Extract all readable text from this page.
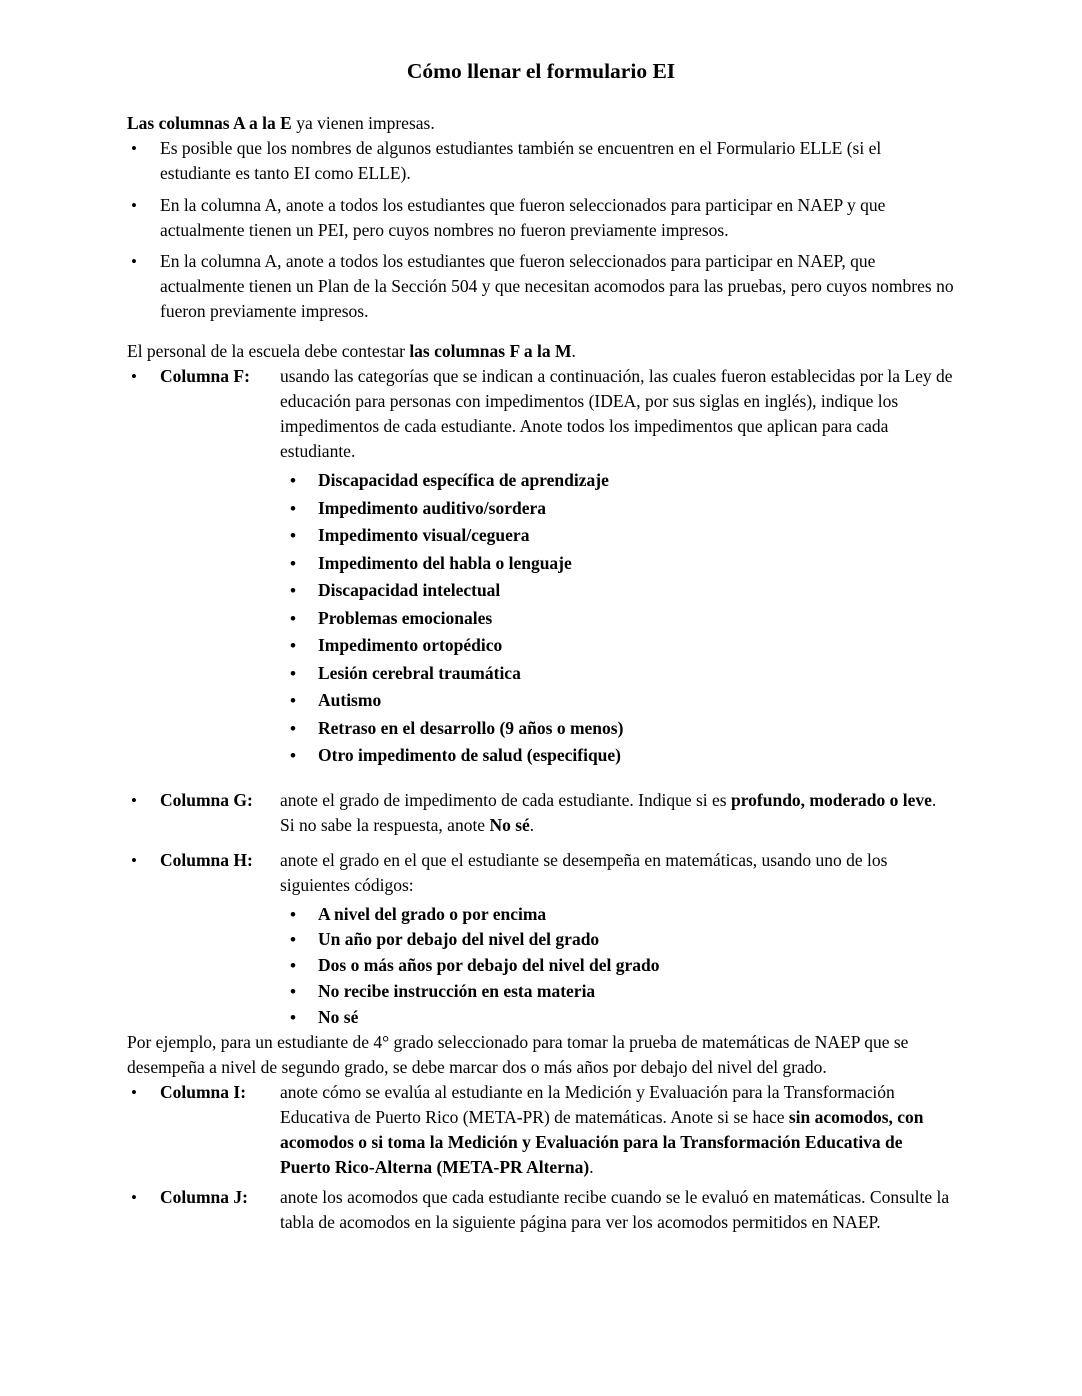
Cómo llenar el formulario EI

Las columnas A a la E ya vienen impresas.

• Es posible que los nombres de algunos estudiantes también se encuentren en el Formulario ELLE (si el estudiante es tanto EI como ELLE).
• En la columna A, anote a todos los estudiantes que fueron seleccionados para participar en NAEP y que actualmente tienen un PEI, pero cuyos nombres no fueron previamente impresos.
• En la columna A, anote a todos los estudiantes que fueron seleccionados para participar en NAEP, que actualmente tienen un Plan de la Sección 504 y que necesitan acomodos para las pruebas, pero cuyos nombres no fueron previamente impresos.

El personal de la escuela debe contestar las columnas F a la M.

• Columna F:	usando las categorías que se indican a continuación, las cuales fueron establecidas por la Ley de educación para personas con impedimentos (IDEA, por sus siglas en inglés), indique los impedimentos de cada estudiante. Anote todos los impedimentos que aplican para cada estudiante.
• Discapacidad específica de aprendizaje
• Impedimento auditivo/sordera
• Impedimento visual/ceguera
• Impedimento del habla o lenguaje
• Discapacidad intelectual
• Problemas emocionales
• Impedimento ortopédico
• Lesión cerebral traumática
• Autismo
• Retraso en el desarrollo (9 años o menos)
• Otro impedimento de salud (especifique)
• Columna G:	anote el grado de impedimento de cada estudiante. Indique si es profundo, moderado o leve. Si no sabe la respuesta, anote No sé.
• Columna H:	anote el grado en el que el estudiante se desempeña en matemáticas, usando uno de los siguientes códigos:
• A nivel del grado o por encima
• Un año por debajo del nivel del grado
• Dos o más años por debajo del nivel del grado
• No recibe instrucción en esta materia
• No sé

Por ejemplo, para un estudiante de 4° grado seleccionado para tomar la prueba de matemáticas de NAEP que se desempeña a nivel de segundo grado, se debe marcar dos o más años por debajo del nivel del grado.

• Columna I:	anote cómo se evalúa al estudiante en la Medición y Evaluación para la Transformación Educativa de Puerto Rico (META-PR) de matemáticas. Anote si se hace sin acomodos, con acomodos o si toma la Medición y Evaluación para la Transformación Educativa de Puerto Rico-Alterna (META-PR Alterna).
• Columna J:	anote los acomodos que cada estudiante recibe cuando se le evaluó en matemáticas. Consulte la tabla de acomodos en la siguiente página para ver los acomodos permitidos en NAEP.
